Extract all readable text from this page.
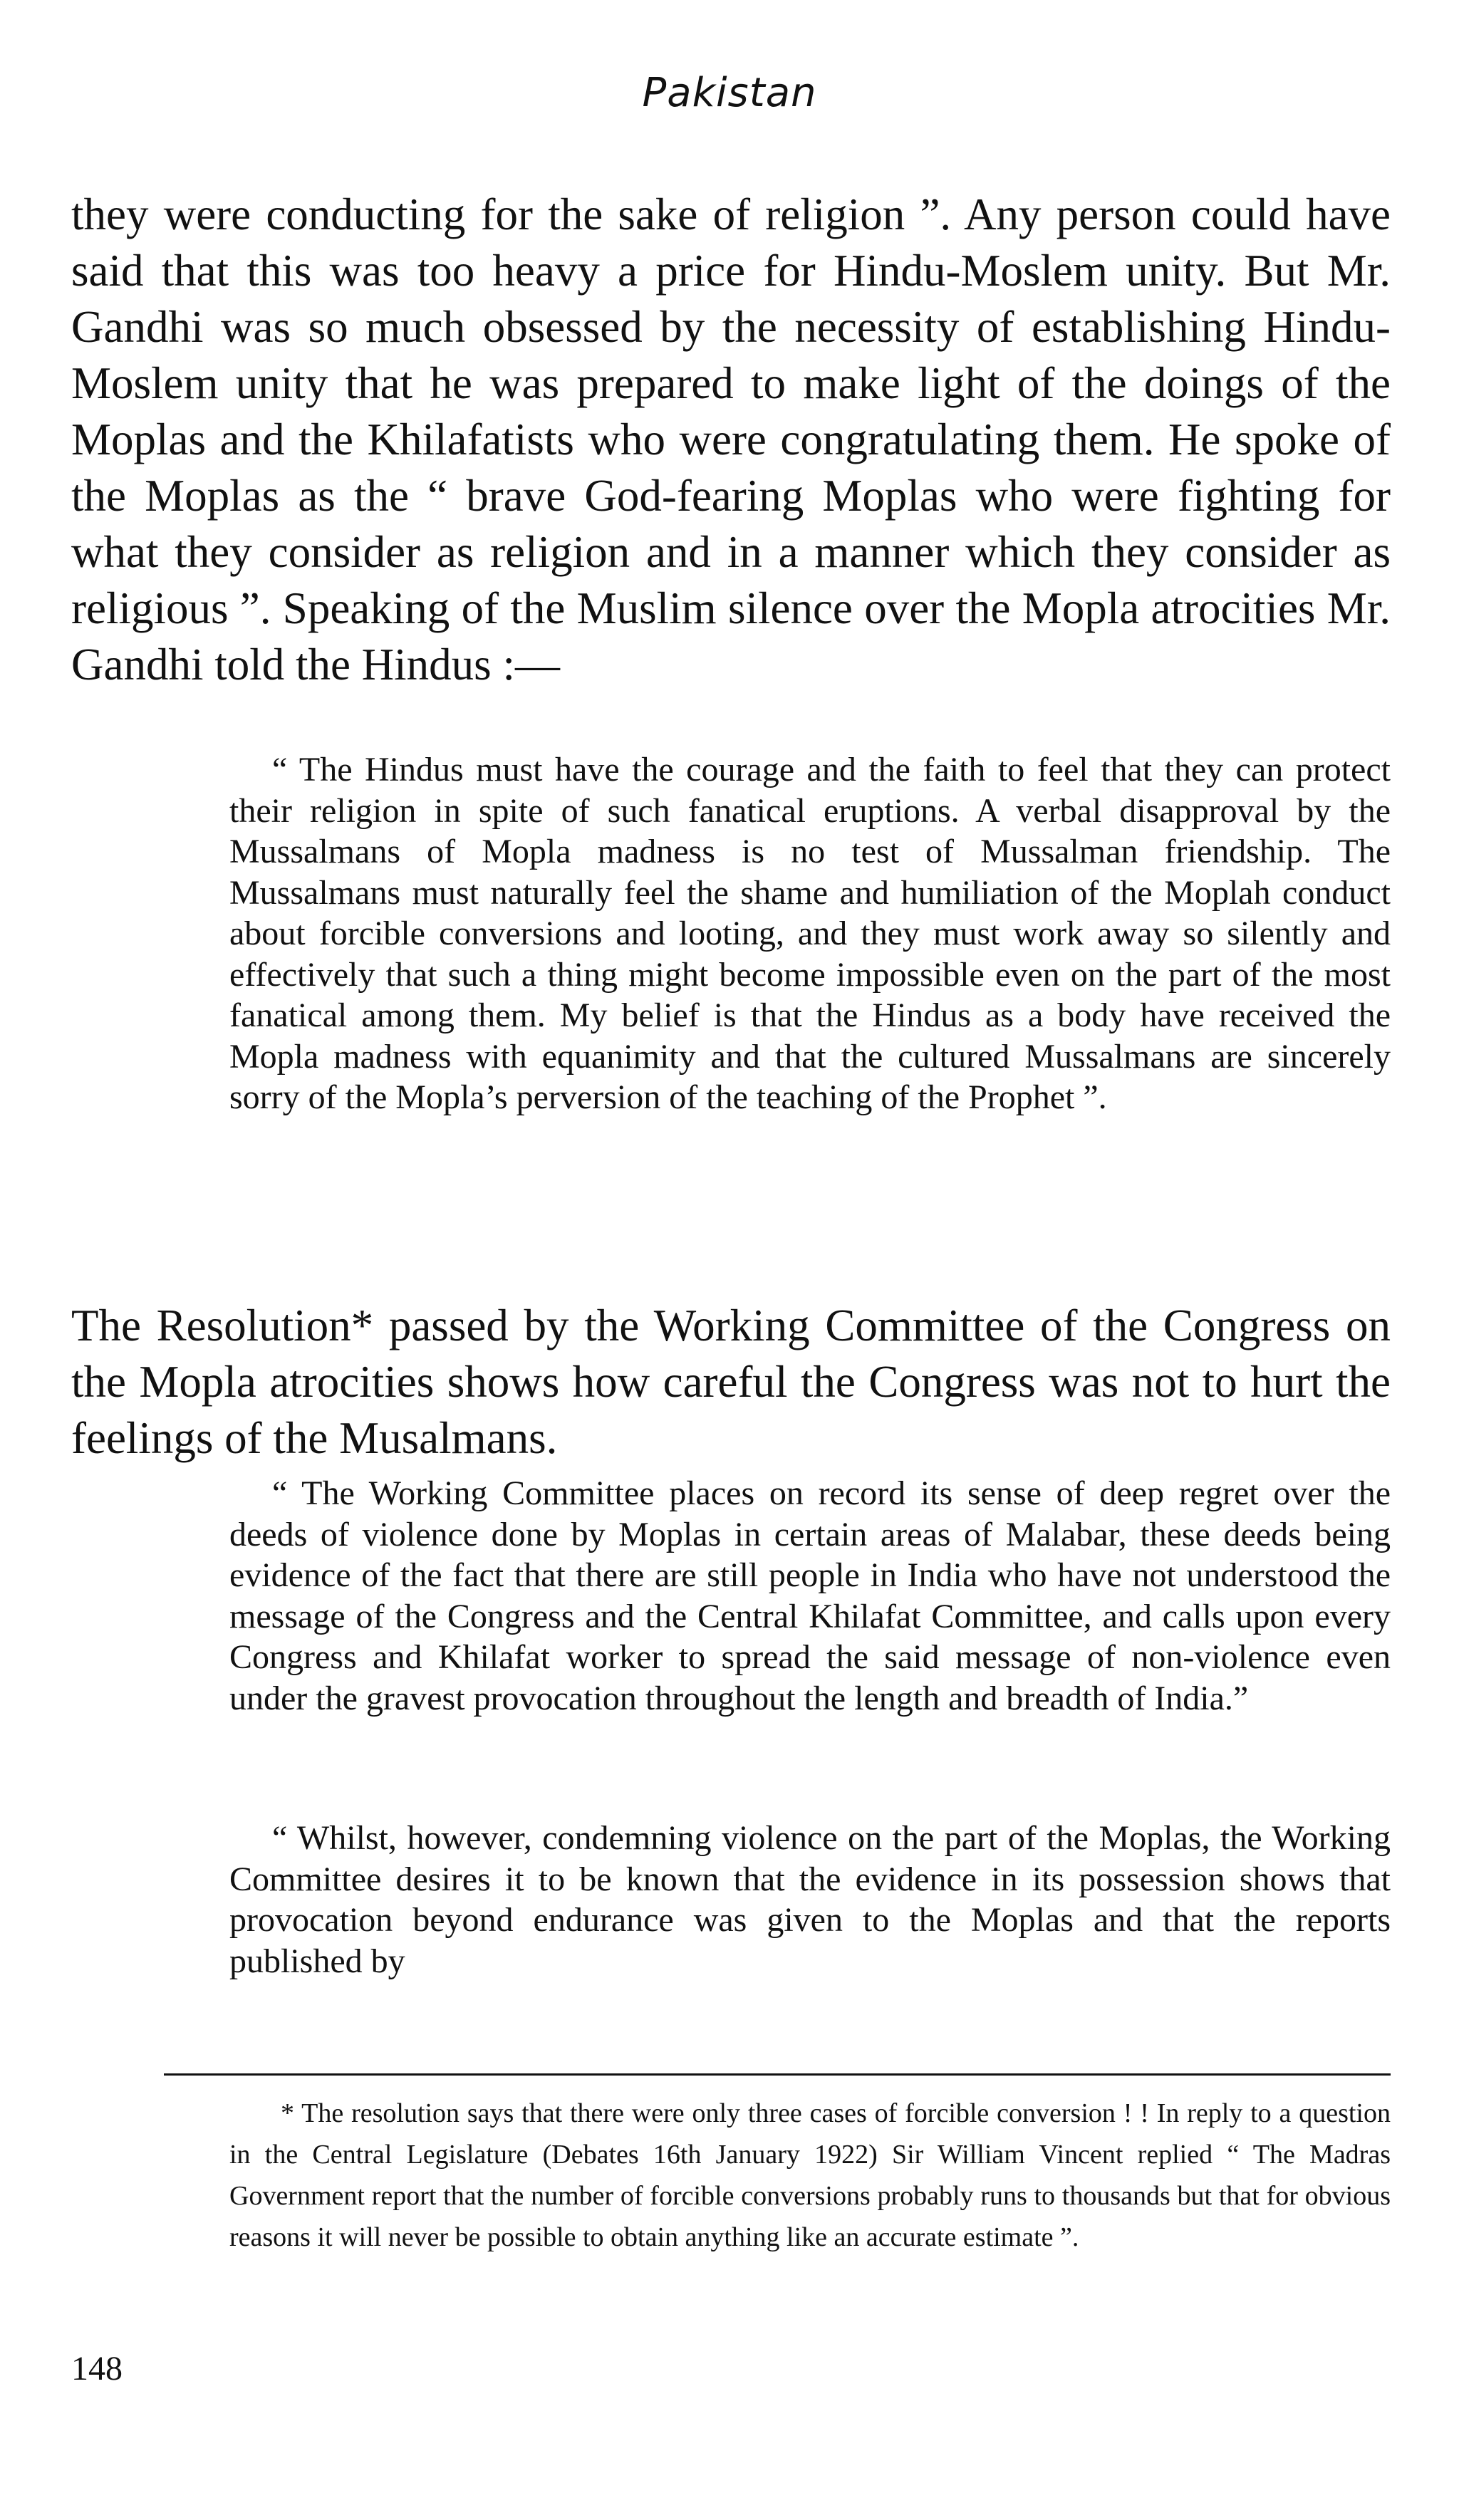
Pakistan

they were conducting for the sake of religion ”. Any person could have said that this was too heavy a price for Hindu-Moslem unity. But Mr. Gandhi was so much obsessed by the necessity of establishing Hindu-Moslem unity that he was prepared to make light of the doings of the Moplas and the Khilafatists who were congratulating them. He spoke of the Moplas as the “ brave God-fearing Moplas who were fighting for what they consider as religion and in a manner which they consider as religious ”. Speaking of the Muslim silence over the Mopla atrocities Mr. Gandhi told the Hindus :—

“ The Hindus must have the courage and the faith to feel that they can protect their religion in spite of such fanatical eruptions. A verbal disapproval by the Mussalmans of Mopla madness is no test of Mussalman friendship. The Mussalmans must naturally feel the shame and humiliation of the Moplah conduct about forcible conversions and looting, and they must work away so silently and effectively that such a thing might become impossible even on the part of the most fanatical among them. My belief is that the Hindus as a body have received the Mopla madness with equanimity and that the cultured Mussalmans are sincerely sorry of the Mopla’s perversion of the teaching of the Prophet ”.

The Resolution* passed by the Working Committee of the Congress on the Mopla atrocities shows how careful the Congress was not to hurt the feelings of the Musalmans.

“ The Working Committee places on record its sense of deep regret over the deeds of violence done by Moplas in certain areas of Malabar, these deeds being evidence of the fact that there are still people in India who have not understood the message of the Congress and the Central Khilafat Committee, and calls upon every Congress and Khilafat worker to spread the said message of non-violence even under the gravest provocation throughout the length and breadth of India.”

“ Whilst, however, condemning violence on the part of the Moplas, the Working Committee desires it to be known that the evidence in its possession shows that provocation beyond endurance was given to the Moplas and that the reports published by

* The resolution says that there were only three cases of forcible conversion ! ! In reply to a question in the Central Legislature (Debates 16th January 1922) Sir William Vincent replied “ The Madras Government report that the number of forcible conversions probably runs to thousands but that for obvious reasons it will never be possible to obtain anything like an accurate estimate ”.

148
